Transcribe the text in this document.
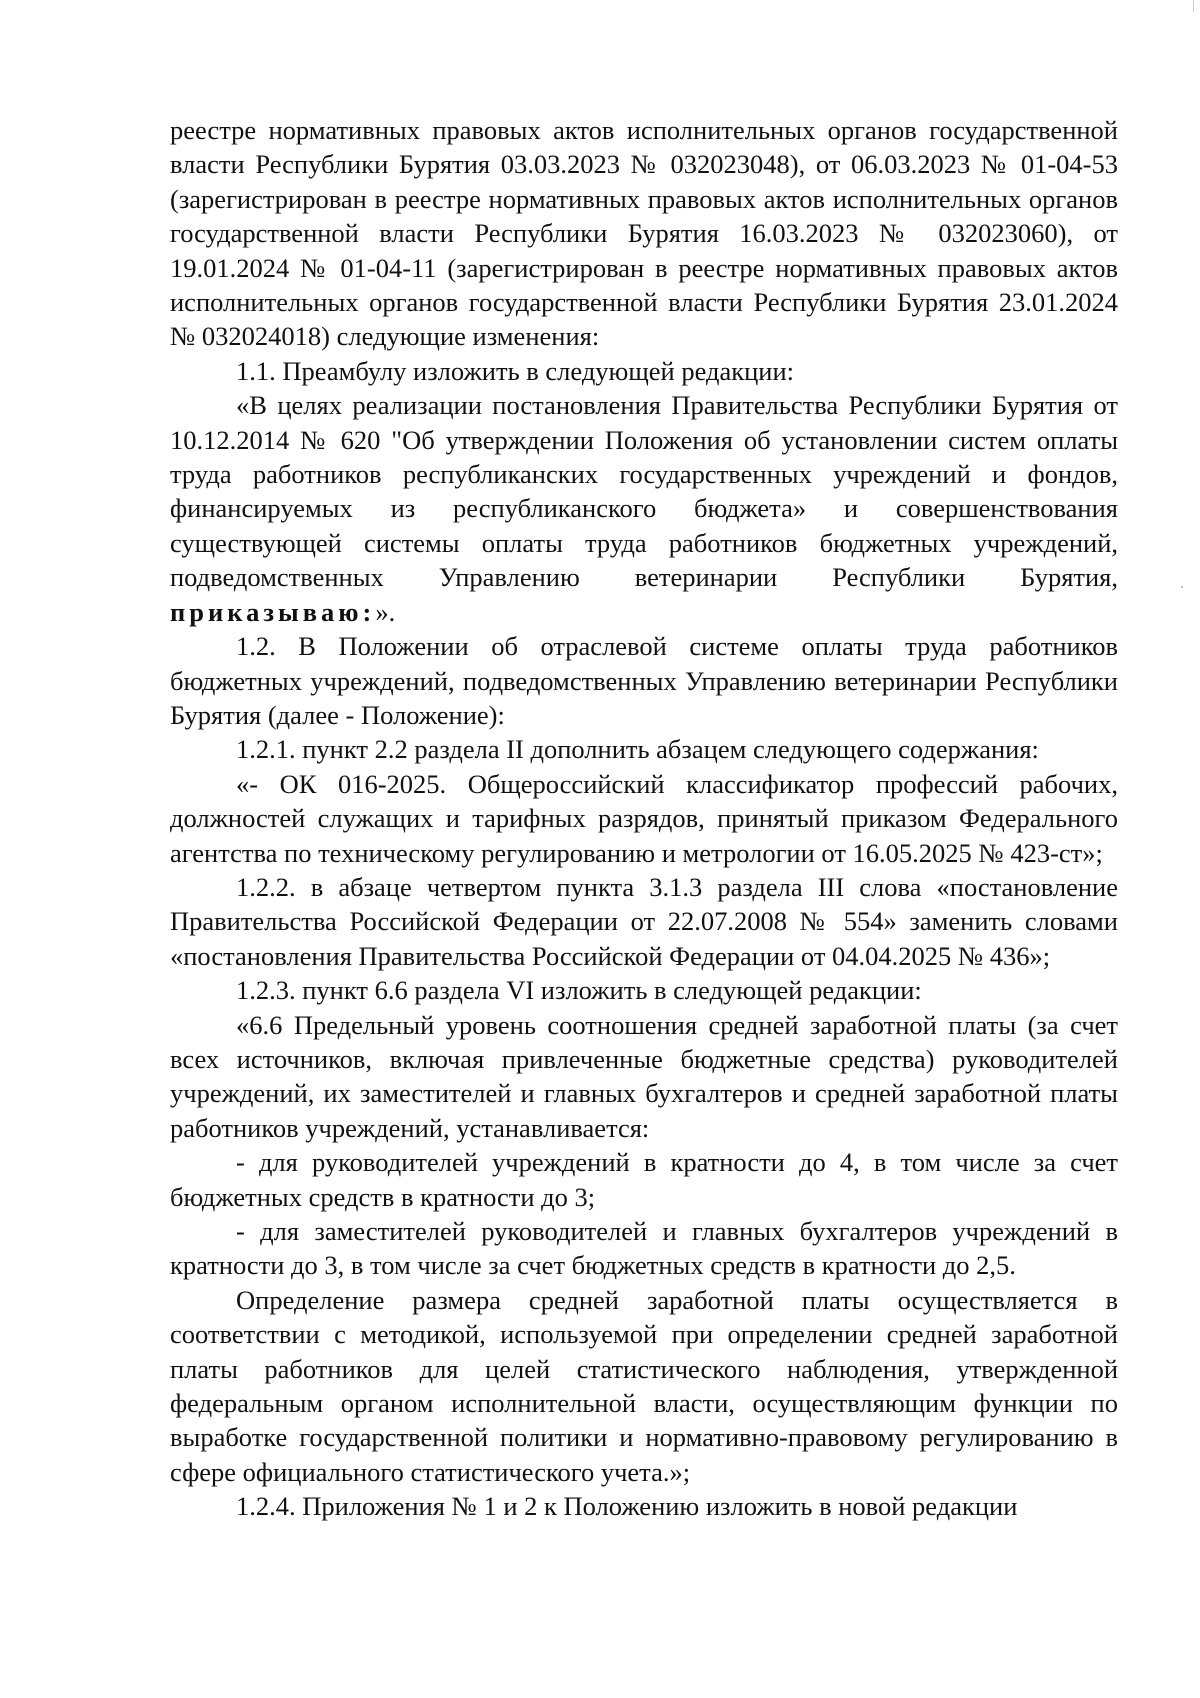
реестре нормативных правовых актов исполнительных органов государственной власти Республики Бурятия 03.03.2023 № 032023048), от 06.03.2023 № 01-04-53 (зарегистрирован в реестре нормативных правовых актов исполнительных органов государственной власти Республики Бурятия 16.03.2023 № 032023060), от 19.01.2024 № 01-04-11 (зарегистрирован в реестре нормативных правовых актов исполнительных органов государственной власти Республики Бурятия 23.01.2024 № 032024018) следующие изменения:

1.1. Преамбулу изложить в следующей редакции:

«В целях реализации постановления Правительства Республики Бурятия от 10.12.2014 № 620 "Об утверждении Положения об установлении систем оплаты труда работников республиканских государственных учреждений и фондов, финансируемых из республиканского бюджета» и совершенствования существующей системы оплаты труда работников бюджетных учреждений, подведомственных Управлению ветеринарии Республики Бурятия, приказываю:».

1.2. В Положении об отраслевой системе оплаты труда работников бюджетных учреждений, подведомственных Управлению ветеринарии Республики Бурятия (далее - Положение):

1.2.1. пункт 2.2 раздела II дополнить абзацем следующего содержания:

«- ОК 016-2025. Общероссийский классификатор профессий рабочих, должностей служащих и тарифных разрядов, принятый приказом Федерального агентства по техническому регулированию и метрологии от 16.05.2025 № 423-ст»;

1.2.2. в абзаце четвертом пункта 3.1.3 раздела III слова «постановление Правительства Российской Федерации от 22.07.2008 № 554» заменить словами «постановления Правительства Российской Федерации от 04.04.2025 № 436»;

1.2.3. пункт 6.6 раздела VI изложить в следующей редакции:

«6.6 Предельный уровень соотношения средней заработной платы (за счет всех источников, включая привлеченные бюджетные средства) руководителей учреждений, их заместителей и главных бухгалтеров и средней заработной платы работников учреждений, устанавливается:

- для руководителей учреждений в кратности до 4, в том числе за счет бюджетных средств в кратности до 3;

- для заместителей руководителей и главных бухгалтеров учреждений в кратности до 3, в том числе за счет бюджетных средств в кратности до 2,5.

Определение размера средней заработной платы осуществляется в соответствии с методикой, используемой при определении средней заработной платы работников для целей статистического наблюдения, утвержденной федеральным органом исполнительной власти, осуществляющим функции по выработке государственной политики и нормативно-правовому регулированию в сфере официального статистического учета.»;

1.2.4. Приложения № 1 и 2 к Положению изложить в новой редакции
